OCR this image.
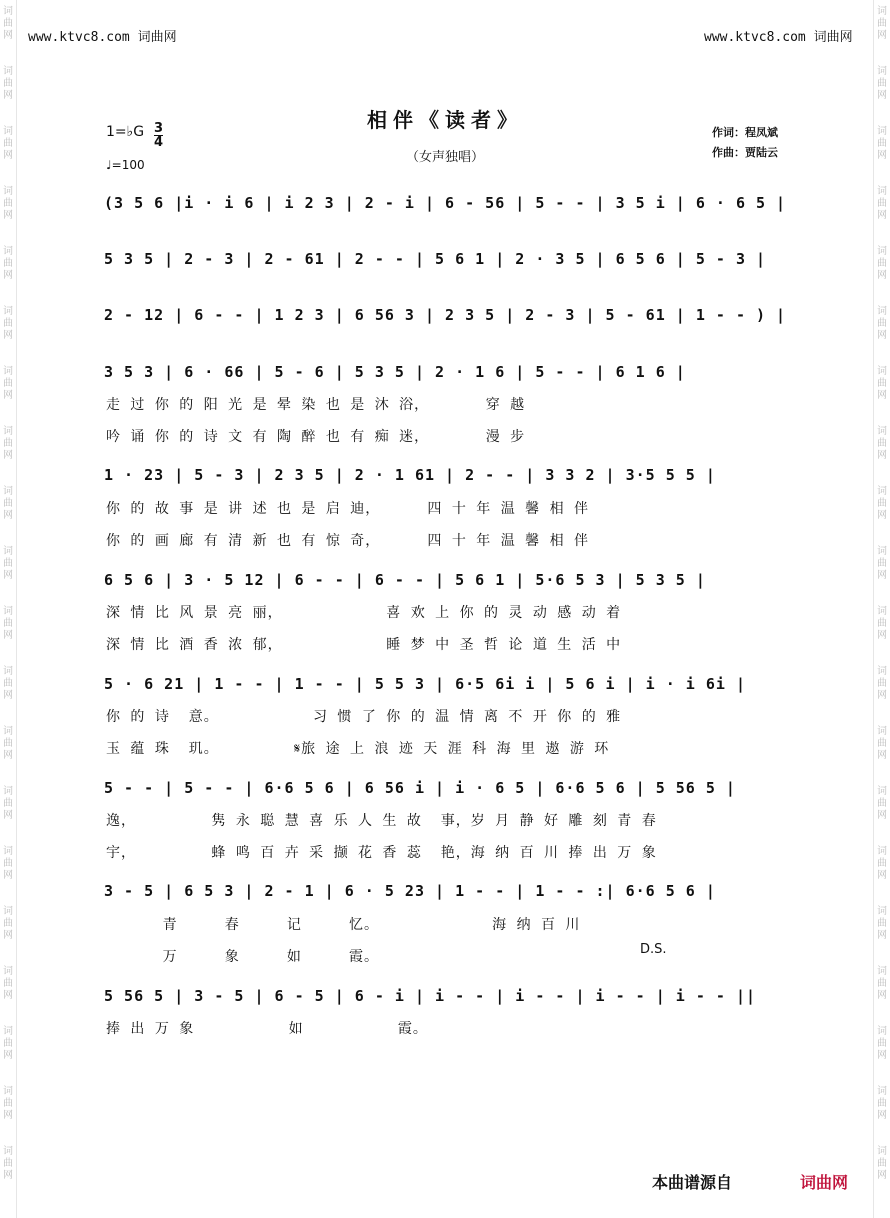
词曲网
词曲网
词曲网
词曲网
词曲网
词曲网
词曲网
词曲网
词曲网
词曲网
词曲网
词曲网
词曲网
词曲网
词曲网
词曲网
词曲网
词曲网
词曲网
词曲网
词曲网
词曲网
词曲网
词曲网
词曲网
词曲网
词曲网
词曲网
词曲网
词曲网
词曲网
词曲网
词曲网
词曲网
词曲网
词曲网
词曲网
词曲网
词曲网
词曲网
www.ktvc8.com 词曲网	www.ktvc8.com 词曲网
相伴《读者》
（女声独唱）
1=♭G 3
4
♩=100
作词：程凤斌
作曲：贾陆云
(3 5 6 |i · i 6 | i 2 3 | 2 - i | 6 - 56 | 5 - - | 3 5 i | 6 · 6 5 |
5 3 5 | 2 - 3 | 2 - 61 | 2 - - | 5 6 1 | 2 · 3 5 | 6 5 6 | 5 - 3 |
2 - 12 | 6 - - | 1 2 3 | 6 56 3 | 2 3 5 | 2 - 3 | 5 - 61 | 1 - - ) |
3 5 3 | 6 · 66 | 5 - 6 | 5 3 5 | 2 · 1 6 | 5 - - | 6 1 6 |
走 过 你 的 阳 光 是 晕 染 也 是 沐 浴，      穿 越
吟 诵 你 的 诗 文 有 陶 醉 也 有 痴 迷，      漫 步
1 · 23 | 5 - 3 | 2 3 5 | 2 · 1 61 | 2 - - | 3 3 2 | 3·5 5 5 |
你 的 故 事 是 讲 述 也 是 启 迪，     四 十 年 温 馨 相 伴
你 的 画 廊 有 清 新 也 有 惊 奇，     四 十 年 温 馨 相 伴
6 5 6 | 3 · 5 12 | 6 - - | 6 - - | 5 6 1 | 5·6 5 3 | 5 3 5 |
深 情 比 风 景 亮 丽，           喜 欢 上 你 的 灵 动 感 动 着
深 情 比 酒 香 浓 郁，           睡 梦 中 圣 哲 论 道 生 活 中
5 · 6 21 | 1 - - | 1 - - | 5 5 3 | 6·5 6i i | 5 6 i | i · i 6i |
你 的 诗  意。          习 惯 了 你 的 温 情 离 不 开 你 的 雅
玉 蕴 珠  玑。        𝄋旅 途 上 浪 迹 天 涯 科 海 里 遨 游 环
5 - - | 5 - - | 6·6 5 6 | 6 56 i | i · 6 5 | 6·6 5 6 | 5 56 5 |
逸，        隽 永 聪 慧 喜 乐 人 生 故  事，岁 月 静 好 雕 刻 青 春
宇，        蜂 鸣 百 卉 采 撷 花 香 蕊  艳，海 纳 百 川 捧 出 万 象
3 - 5 | 6 5 3 | 2 - 1 | 6 · 5 23 | 1 - - | 1 - - :| 6·6 5 6 |
青     春     记     忆。            海 纳 百 川
万     象     如     霞。	D.S.
5 56 5 | 3 - 5 | 6 - 5 | 6 - i | i - - | i - - | i - - | i - - ||
捧 出 万 象          如          霞。
本曲谱源自	词曲网
